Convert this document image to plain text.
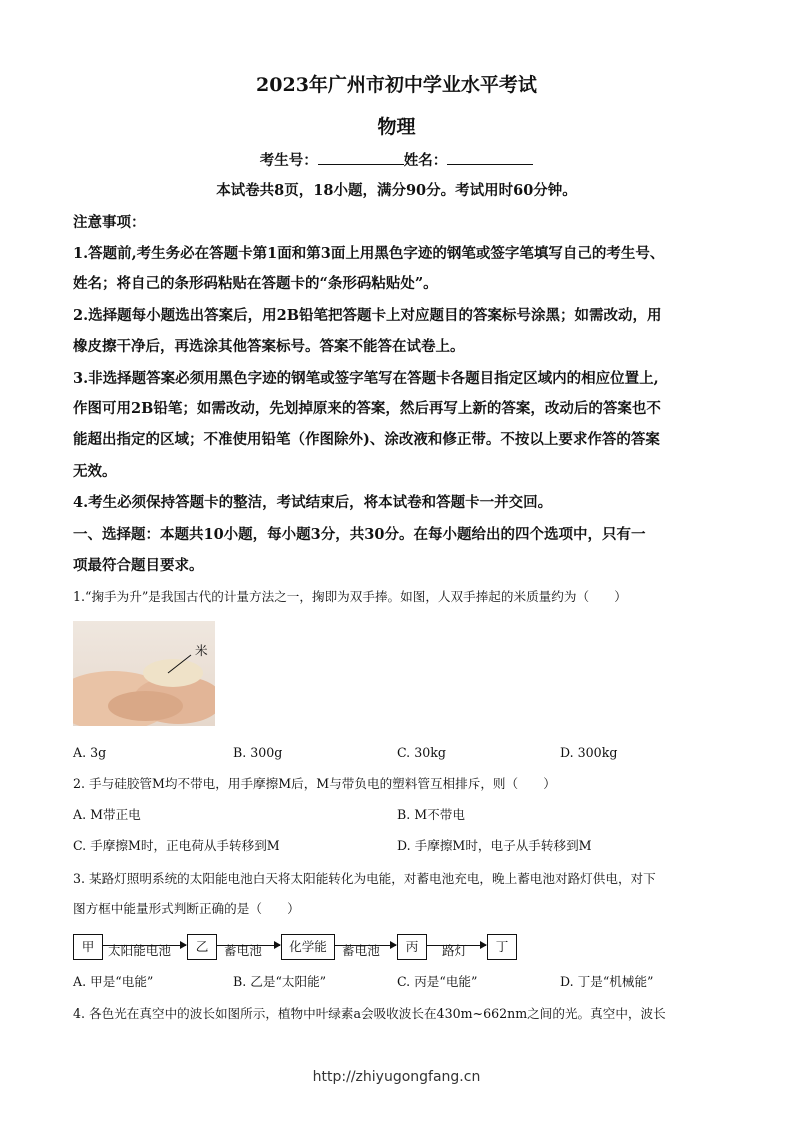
2023年广州市初中学业水平考试
物理
考生号：	姓名：
本试卷共8页，18小题，满分90分。考试用时60分钟。
注意事项：
1.答题前,考生务必在答题卡第1面和第3面上用黑色字迹的钢笔或签字笔填写自己的考生号、
姓名；将自己的条形码粘贴在答题卡的“条形码粘贴处”。
2.选择题每小题选出答案后，用2B铅笔把答题卡上对应题目的答案标号涂黑；如需改动，用
橡皮擦干净后，再选涂其他答案标号。答案不能答在试卷上。
3.非选择题答案必须用黑色字迹的钢笔或签字笔写在答题卡各题目指定区域内的相应位置上,
作图可用2B铅笔；如需改动，先划掉原来的答案，然后再写上新的答案，改动后的答案也不
能超出指定的区域；不准使用铅笔（作图除外)、涂改液和修正带。不按以上要求作答的答案
无效。
4.考生必须保持答题卡的整洁，考试结束后，将本试卷和答题卡一并交回。
一、选择题：本题共10小题，每小题3分，共30分。在每小题给出的四个选项中，只有一
项最符合题目要求。
1.“掬手为升”是我国古代的计量方法之一，掬即为双手捧。如图，人双手捧起的米质量约为（　　）
米
A. 3g	B. 300g	C. 30kg	D. 300kg
2. 手与硅胶管M均不带电，用手摩擦M后，M与带负电的塑料管互相排斥，则（　　）
A. M带正电	B. M不带电
C. 手摩擦M时，正电荷从手转移到M	D. 手摩擦M时，电子从手转移到M
3. 某路灯照明系统的太阳能电池白天将太阳能转化为电能，对蓄电池充电，晚上蓄电池对路灯供电，对下
图方框中能量形式判断正确的是（　　）
甲	太阳能电池	乙	蓄电池	化学能	蓄电池	丙	路灯	丁
A. 甲是“电能”	B. 乙是“太阳能”	C. 丙是“电能”	D. 丁是“机械能”
4. 各色光在真空中的波长如图所示，植物中叶绿素a会吸收波长在430m~662nm之间的光。真空中，波长
http://zhiyugongfang.cn
